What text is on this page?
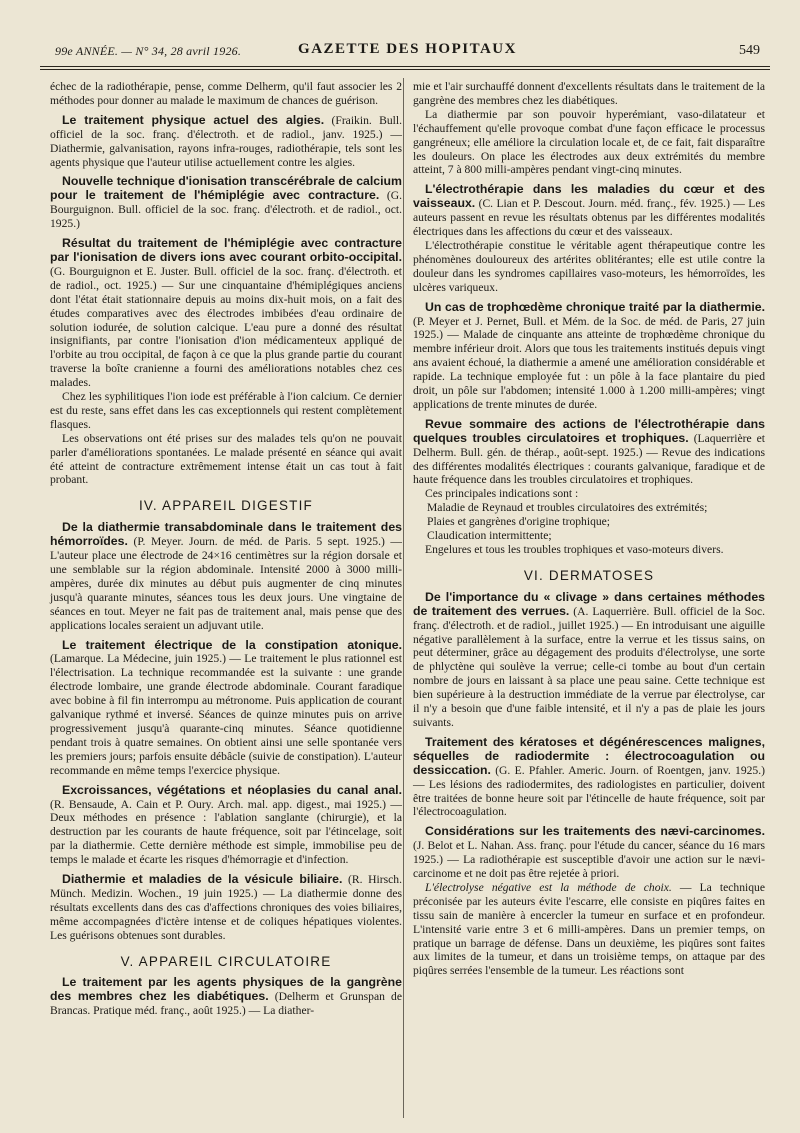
99e ANNÉE. — N° 34, 28 avril 1926.	GAZETTE DES HOPITAUX	549

échec de la radiothérapie, pense, comme Delherm, qu'il faut associer les 2 méthodes pour donner au malade le maximum de chances de guérison.

Le traitement physique actuel des algies. (Fraikin. Bull. officiel de la soc. franç. d'électroth. et de radiol., janv. 1925.) — Diathermie, galvanisation, rayons infra-rouges, radiothérapie, tels sont les agents physique que l'auteur utilise actuellement contre les algies.

Nouvelle technique d'ionisation transcérébrale de calcium pour le traitement de l'hémiplégie avec contracture. (G. Bourguignon. Bull. officiel de la soc. franç. d'électroth. et de radiol., oct. 1925.)

Résultat du traitement de l'hémiplégie avec contracture par l'ionisation de divers ions avec courant orbito-occipital. (G. Bourguignon et E. Juster. Bull. officiel de la soc. franç. d'électroth. et de radiol., oct. 1925.) — Sur une cinquantaine d'hémiplégiques anciens dont l'état était stationnaire depuis au moins dix-huit mois, on a fait des études comparatives avec des électrodes imbibées d'eau ordinaire de solution iodurée, de solution calcique. L'eau pure a donné des résultat insignifiants, par contre l'ionisation d'ion médicamenteux appliqué de l'orbite au trou occipital, de façon à ce que la plus grande partie du courant traverse la boîte cranienne a fourni des améliorations notables chez ces malades.

Chez les syphilitiques l'ion iode est préférable à l'ion calcium. Ce dernier est du reste, sans effet dans les cas exceptionnels qui restent complètement flasques.

Les observations ont été prises sur des malades tels qu'on ne pouvait parler d'améliorations spontanées. Le malade présenté en séance qui avait été atteint de contracture extrêmement intense était un cas tout à fait probant.

IV. APPAREIL DIGESTIF

De la diathermie transabdominale dans le traitement des hémorroïdes. (P. Meyer. Journ. de méd. de Paris. 5 sept. 1925.) — L'auteur place une électrode de 24×16 centimètres sur la région dorsale et une semblable sur la région abdominale. Intensité 2000 à 3000 milli-ampères, durée dix minutes au début puis augmenter de cinq minutes jusqu'à quarante minutes, séances tous les deux jours. Une vingtaine de séances en tout. Meyer ne fait pas de traitement anal, mais pense que des applications locales seraient un adjuvant utile.

Le traitement électrique de la constipation atonique. (Lamarque. La Médecine, juin 1925.) — Le traitement le plus rationnel est l'électrisation. La technique recommandée est la suivante : une grande électrode lombaire, une grande électrode abdominale. Courant faradique avec bobine à fil fin interrompu au métronome. Puis application de courant galvanique rythmé et inversé. Séances de quinze minutes puis on arrive progressivement jusqu'à quarante-cinq minutes. Séance quotidienne pendant trois à quatre semaines. On obtient ainsi une selle spontanée vers les premiers jours; parfois ensuite débâcle (suivie de constipation). L'auteur recommande en même temps l'exercice physique.

Excroissances, végétations et néoplasies du canal anal. (R. Bensaude, A. Cain et P. Oury. Arch. mal. app. digest., mai 1925.) — Deux méthodes en présence : l'ablation sanglante (chirurgie), et la destruction par les courants de haute fréquence, soit par l'étincelage, soit par la diathermie. Cette dernière méthode est simple, immobilise peu de temps le malade et écarte les risques d'hémorragie et d'infection.

Diathermie et maladies de la vésicule biliaire. (R. Hirsch. Münch. Medizin. Wochen., 19 juin 1925.) — La diathermie donne des résultats excellents dans des cas d'affections chroniques des voies biliaires, même accompagnées d'ictère intense et de coliques hépatiques violentes. Les guérisons obtenues sont durables.

V. APPAREIL CIRCULATOIRE

Le traitement par les agents physiques de la gangrène des membres chez les diabétiques. (Delherm et Grunspan de Brancas. Pratique méd. franç., août 1925.) — La diather-

mie et l'air surchauffé donnent d'excellents résultats dans le traitement de la gangrène des membres chez les diabétiques.

La diathermie par son pouvoir hyperémiant, vaso-dilatateur et l'échauffement qu'elle provoque combat d'une façon efficace le processus gangréneux; elle améliore la circulation locale et, de ce fait, fait disparaître les douleurs. On place les électrodes aux deux extrémités du membre atteint, 7 à 800 milli-ampères pendant vingt-cinq minutes.

L'électrothérapie dans les maladies du cœur et des vaisseaux. (C. Lian et P. Descout. Journ. méd. franç., fév. 1925.) — Les auteurs passent en revue les résultats obtenus par les différentes modalités électriques dans les affections du cœur et des vaisseaux.

L'électrothérapie constitue le véritable agent thérapeutique contre les phénomènes douloureux des artérites oblitérantes; elle est utile contre la douleur dans les syndromes capillaires vaso-moteurs, les hémorroïdes, les ulcères variqueux.

Un cas de trophœdème chronique traité par la diathermie. (P. Meyer et J. Pernet, Bull. et Mém. de la Soc. de méd. de Paris, 27 juin 1925.) — Malade de cinquante ans atteinte de trophœdème chronique du membre inférieur droit. Alors que tous les traitements institués depuis vingt ans avaient échoué, la diathermie a amené une amélioration considérable et rapide. La technique employée fut : un pôle à la face plantaire du pied droit, un pôle sur l'abdomen; intensité 1.000 à 1.200 milli-ampères; vingt applications de trente minutes de durée.

Revue sommaire des actions de l'électrothérapie dans quelques troubles circulatoires et trophiques. (Laquerrière et Delherm. Bull. gén. de thérap., août-sept. 1925.) — Revue des indications des différentes modalités électriques : courants galvanique, faradique et de haute fréquence dans les troubles circulatoires et trophiques.

Ces principales indications sont :

Maladie de Reynaud et troubles circulatoires des extrémités;

Plaies et gangrènes d'origine trophique;

Claudication intermittente;

Engelures et tous les troubles trophiques et vaso-moteurs divers.

VI. DERMATOSES

De l'importance du « clivage » dans certaines méthodes de traitement des verrues. (A. Laquerrière. Bull. officiel de la Soc. franç. d'électroth. et de radiol., juillet 1925.) — En introduisant une aiguille négative parallèlement à la surface, entre la verrue et les tissus sains, on peut déterminer, grâce au dégagement des produits d'électrolyse, une sorte de phlyctène qui soulève la verrue; celle-ci tombe au bout d'un certain nombre de jours en laissant à sa place une peau saine. Cette technique est bien supérieure à la destruction immédiate de la verrue par électrolyse, car il n'y a besoin que d'une faible intensité, et il n'y a pas de plaie les jours suivants.

Traitement des kératoses et dégénérescences malignes, séquelles de radiodermite : électrocoagulation ou dessiccation. (G. E. Pfahler. Americ. Journ. of Roentgen, janv. 1925.) — Les lésions des radiodermites, des radiologistes en particulier, doivent être traitées de bonne heure soit par l'étincelle de haute fréquence, soit par l'électrocoagulation.

Considérations sur les traitements des nævi-carcinomes. (J. Belot et L. Nahan. Ass. franç. pour l'étude du cancer, séance du 16 mars 1925.) — La radiothérapie est susceptible d'avoir une action sur le nævi-carcinome et ne doit pas être rejetée à priori.

L'électrolyse négative est la méthode de choix. — La technique préconisée par les auteurs évite l'escarre, elle consiste en piqûres faites en tissu sain de manière à encercler la tumeur en surface et en profondeur. L'intensité varie entre 3 et 6 milli-ampères. Dans un premier temps, on pratique un barrage de défense. Dans un deuxième, les piqûres sont faites aux limites de la tumeur, et dans un troisième temps, on attaque par des piqûres serrées l'ensemble de la tumeur. Les réactions sont
